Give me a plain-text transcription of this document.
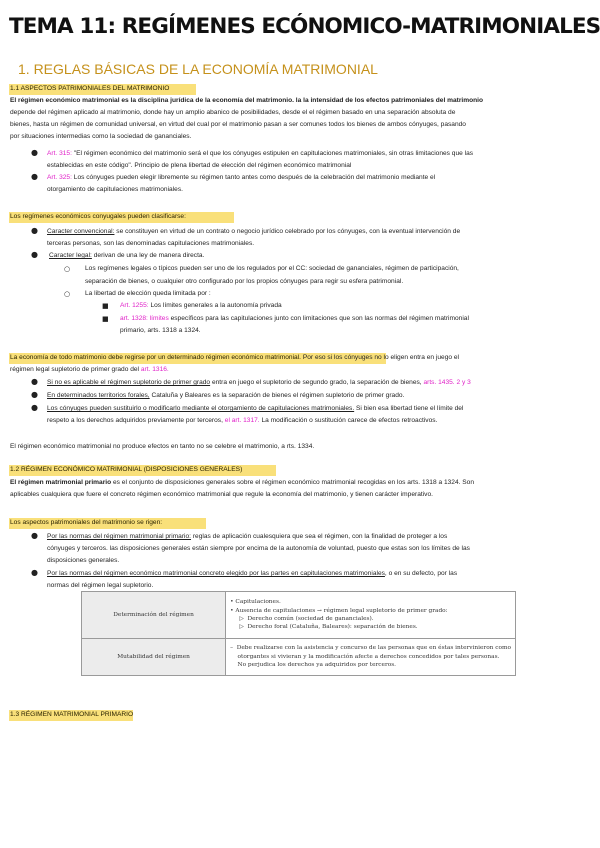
TEMA 11: REGÍMENES ECÓNOMICO-MATRIMONIALES
1. REGLAS BÁSICAS DE LA ECONOMÍA MATRIMONIAL
1.1 ASPECTOS PATRIMONIALES DEL MATRIMONIO
El régimen económico matrimonial es la disciplina jurídica de la economía del matrimonio. la la intensidad de los efectos patrimoniales del matrimonio
depende del régimen aplicado al matrimonio, donde hay un amplio abanico de posibilidades, desde el el régimen basado en una separación absoluta de
bienes, hasta un régimen de comunidad universal, en virtud del cual por el matrimonio pasan a ser comunes todos los bienes de ambos cónyuges, pasando
por situaciones intermedias como la sociedad de gananciales.
● Art. 315: "El régimen económico del matrimonio será el que los cónyuges estipulen en capitulaciones matrimoniales, sin otras limitaciones que las
establecidas en este código". Principio de plena libertad de elección del régimen económico matrimonial
● Art. 325: Los cónyuges pueden elegir libremente su régimen tanto antes como después de la celebración del matrimonio mediante el
otorgamiento de capitulaciones matrimoniales.
Los regímenes económicos conyugales pueden clasificarse:
● Caracter convencional: se constituyen en virtud de un contrato o negocio jurídico celebrado por los cónyuges, con la eventual intervención de
terceras personas, son las denominadas capitulaciones matrimoniales.
● Caracter legal: derivan de una ley de manera directa.
○ Los regímenes legales o típicos pueden ser uno de los regulados por el CC: sociedad de gananciales, régimen de participación,
separación de bienes, o cualquier otro configurado por los propios cónyuges para regir su esfera patrimonial.
○ La libertad de elección queda limitada por :
■ Art. 1255: Los límites generales a la autonomía privada
■ art. 1328: límites específicos para las capitulaciones junto con limitaciones que son las normas del régimen matrimonial
primario, arts. 1318 a 1324.
La economía de todo matrimonio debe regirse por un determinado régimen económico matrimonial. Por eso si los cónyuges no lo eligen entra en juego el
régimen legal supletorio de primer grado del art. 1316.
● Si no es aplicable el régimen supletorio de primer grado entra en juego el supletorio de segundo grado, la separación de bienes, arts. 1435. 2 y 3
● En determinados territorios forales, Cataluña y Baleares es la separación de bienes el régimen supletorio de primer grado.
● Los cónyuges pueden sustituirlo o modificarlo mediante el otorgamiento de capitulaciones matrimoniales. Si bien esa libertad tiene el límite del
respeto a los derechos adquiridos previamente por terceros, el art. 1317. La modificación o sustitución carece de efectos retroactivos.
El régimen económico matrimonial no produce efectos en tanto no se celebre el matrimonio, a rts. 1334.
1.2 RÉGIMEN ECONÓMICO MATRIMONIAL (DISPOSICIONES GENERALES)
El régimen matrimonial primario es el conjunto de disposiciones generales sobre el régimen económico matrimonial recogidas en los arts. 1318 a 1324. Son
aplicables cualquiera que fuere el concreto régimen económico matrimonial que regule la economía del matrimonio, y tienen carácter imperativo.
Los aspectos patrimoniales del matrimonio se rigen:
● Por las normas del régimen matrimonial primario: reglas de aplicación cualesquiera que sea el régimen, con la finalidad de proteger a los
cónyuges y terceros. las disposiciones generales están siempre por encima de la autonomía de voluntad, puesto que estas son los límites de las
disposiciones generales.
● Por las normas del régimen económico matrimonial concreto elegido por las partes en capitulaciones matrimoniales, o en su defecto, por las
normas del régimen legal supletorio.
Determinación del régimen	• Capitulaciones.
• Ausencia de capitulaciones → régimen legal supletorio de primer grado:
▷  Derecho común (sociedad de gananciales).
▷  Derecho foral (Cataluña, Baleares): separación de bienes.

Mutabilidad del régimen	–  Debe realizarse con la asistencia y concurso de las personas que en éstas intervinieron como
otorgantes si vivieran y la modificación afecte a derechos concedidos por tales personas.
No perjudica los derechos ya adquiridos por terceros.
1.3 RÉGIMEN MATRIMONIAL PRIMARIO
